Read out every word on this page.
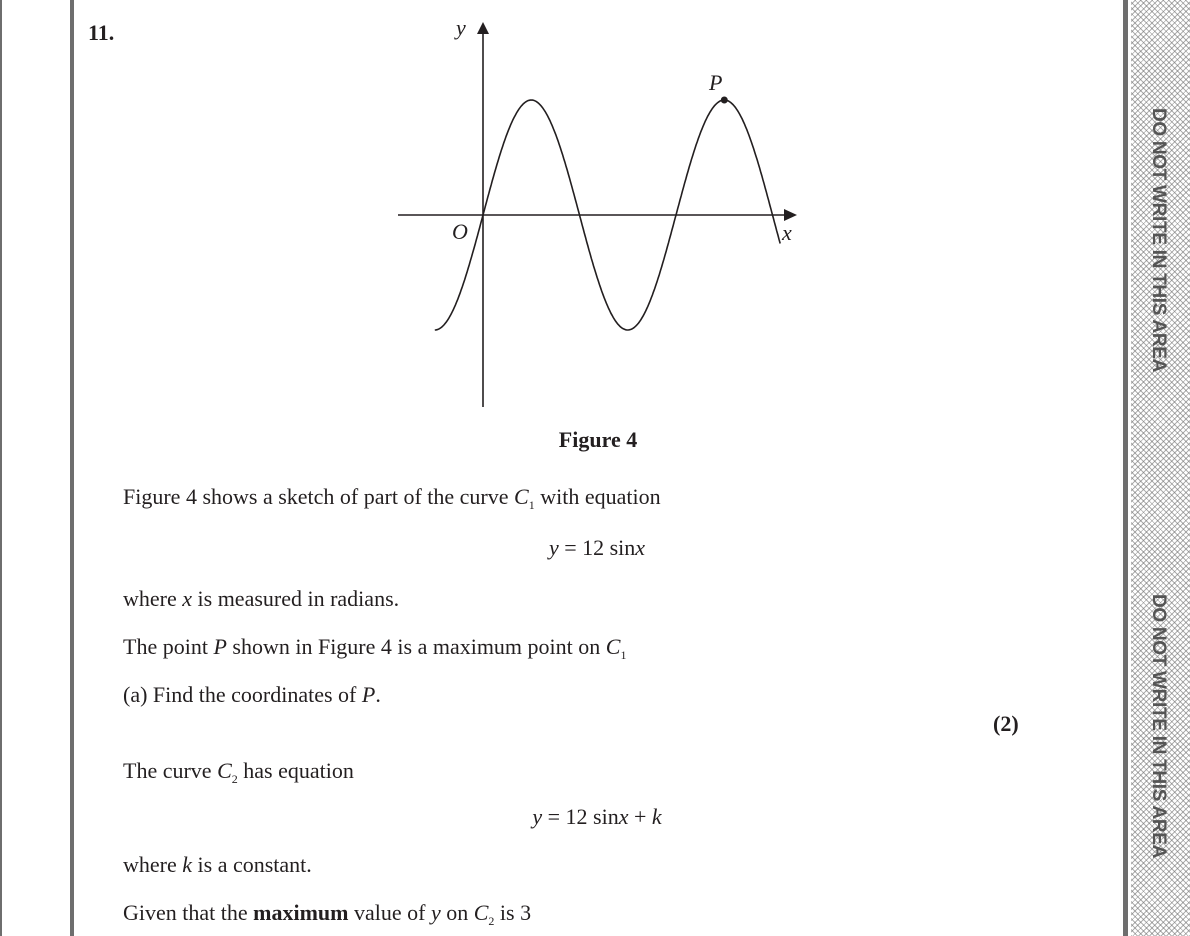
DO NOT WRITE IN THIS AREA
DO NOT WRITE IN THIS AREA
11.	y
x
O
P
Figure 4
Figure 4 shows a sketch of part of the curve $C_1$ with equation
y = 12 sinx
where x is measured in radians.
The point P shown in Figure 4 is a maximum point on $C_1$
(a) Find the coordinates of P.
(2)
The curve $C_2$ has equation
y = 12 sinx + k
where k is a constant.
Given that the maximum value of y on $C_2$ is 3
